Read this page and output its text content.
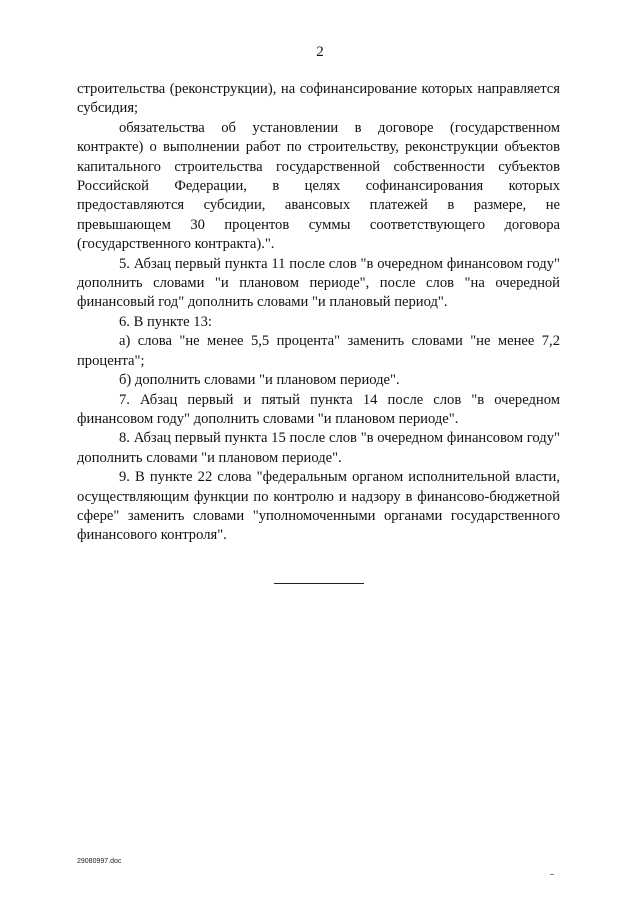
2

строительства (реконструкции), на софинансирование которых направляется субсидия;

обязательства об установлении в договоре (государственном контракте) о выполнении работ по строительству, реконструкции объектов капитального строительства государственной собственности субъектов Российской Федерации, в целях софинансирования которых предоставляются субсидии, авансовых платежей в размере, не превышающем 30 процентов суммы соответствующего договора (государственного контракта).".

5. Абзац первый пункта 11 после слов "в очередном финансовом году" дополнить словами "и плановом периоде", после слов "на очередной финансовый год" дополнить словами "и плановый период".

6. В пункте 13:

а) слова "не менее 5,5 процента" заменить словами "не менее 7,2 процента";

б) дополнить словами "и плановом периоде".

7. Абзац первый и пятый пункта 14 после слов "в очередном финансовом году" дополнить словами "и плановом периоде".

8. Абзац первый пункта 15 после слов "в очередном финансовом году" дополнить словами "и плановом периоде".

9. В пункте 22 слова "федеральным органом исполнительной власти, осуществляющим функции по контролю и надзору в финансово-бюджетной сфере" заменить словами "уполномоченными органами государственного финансового контроля".

29080997.doc
